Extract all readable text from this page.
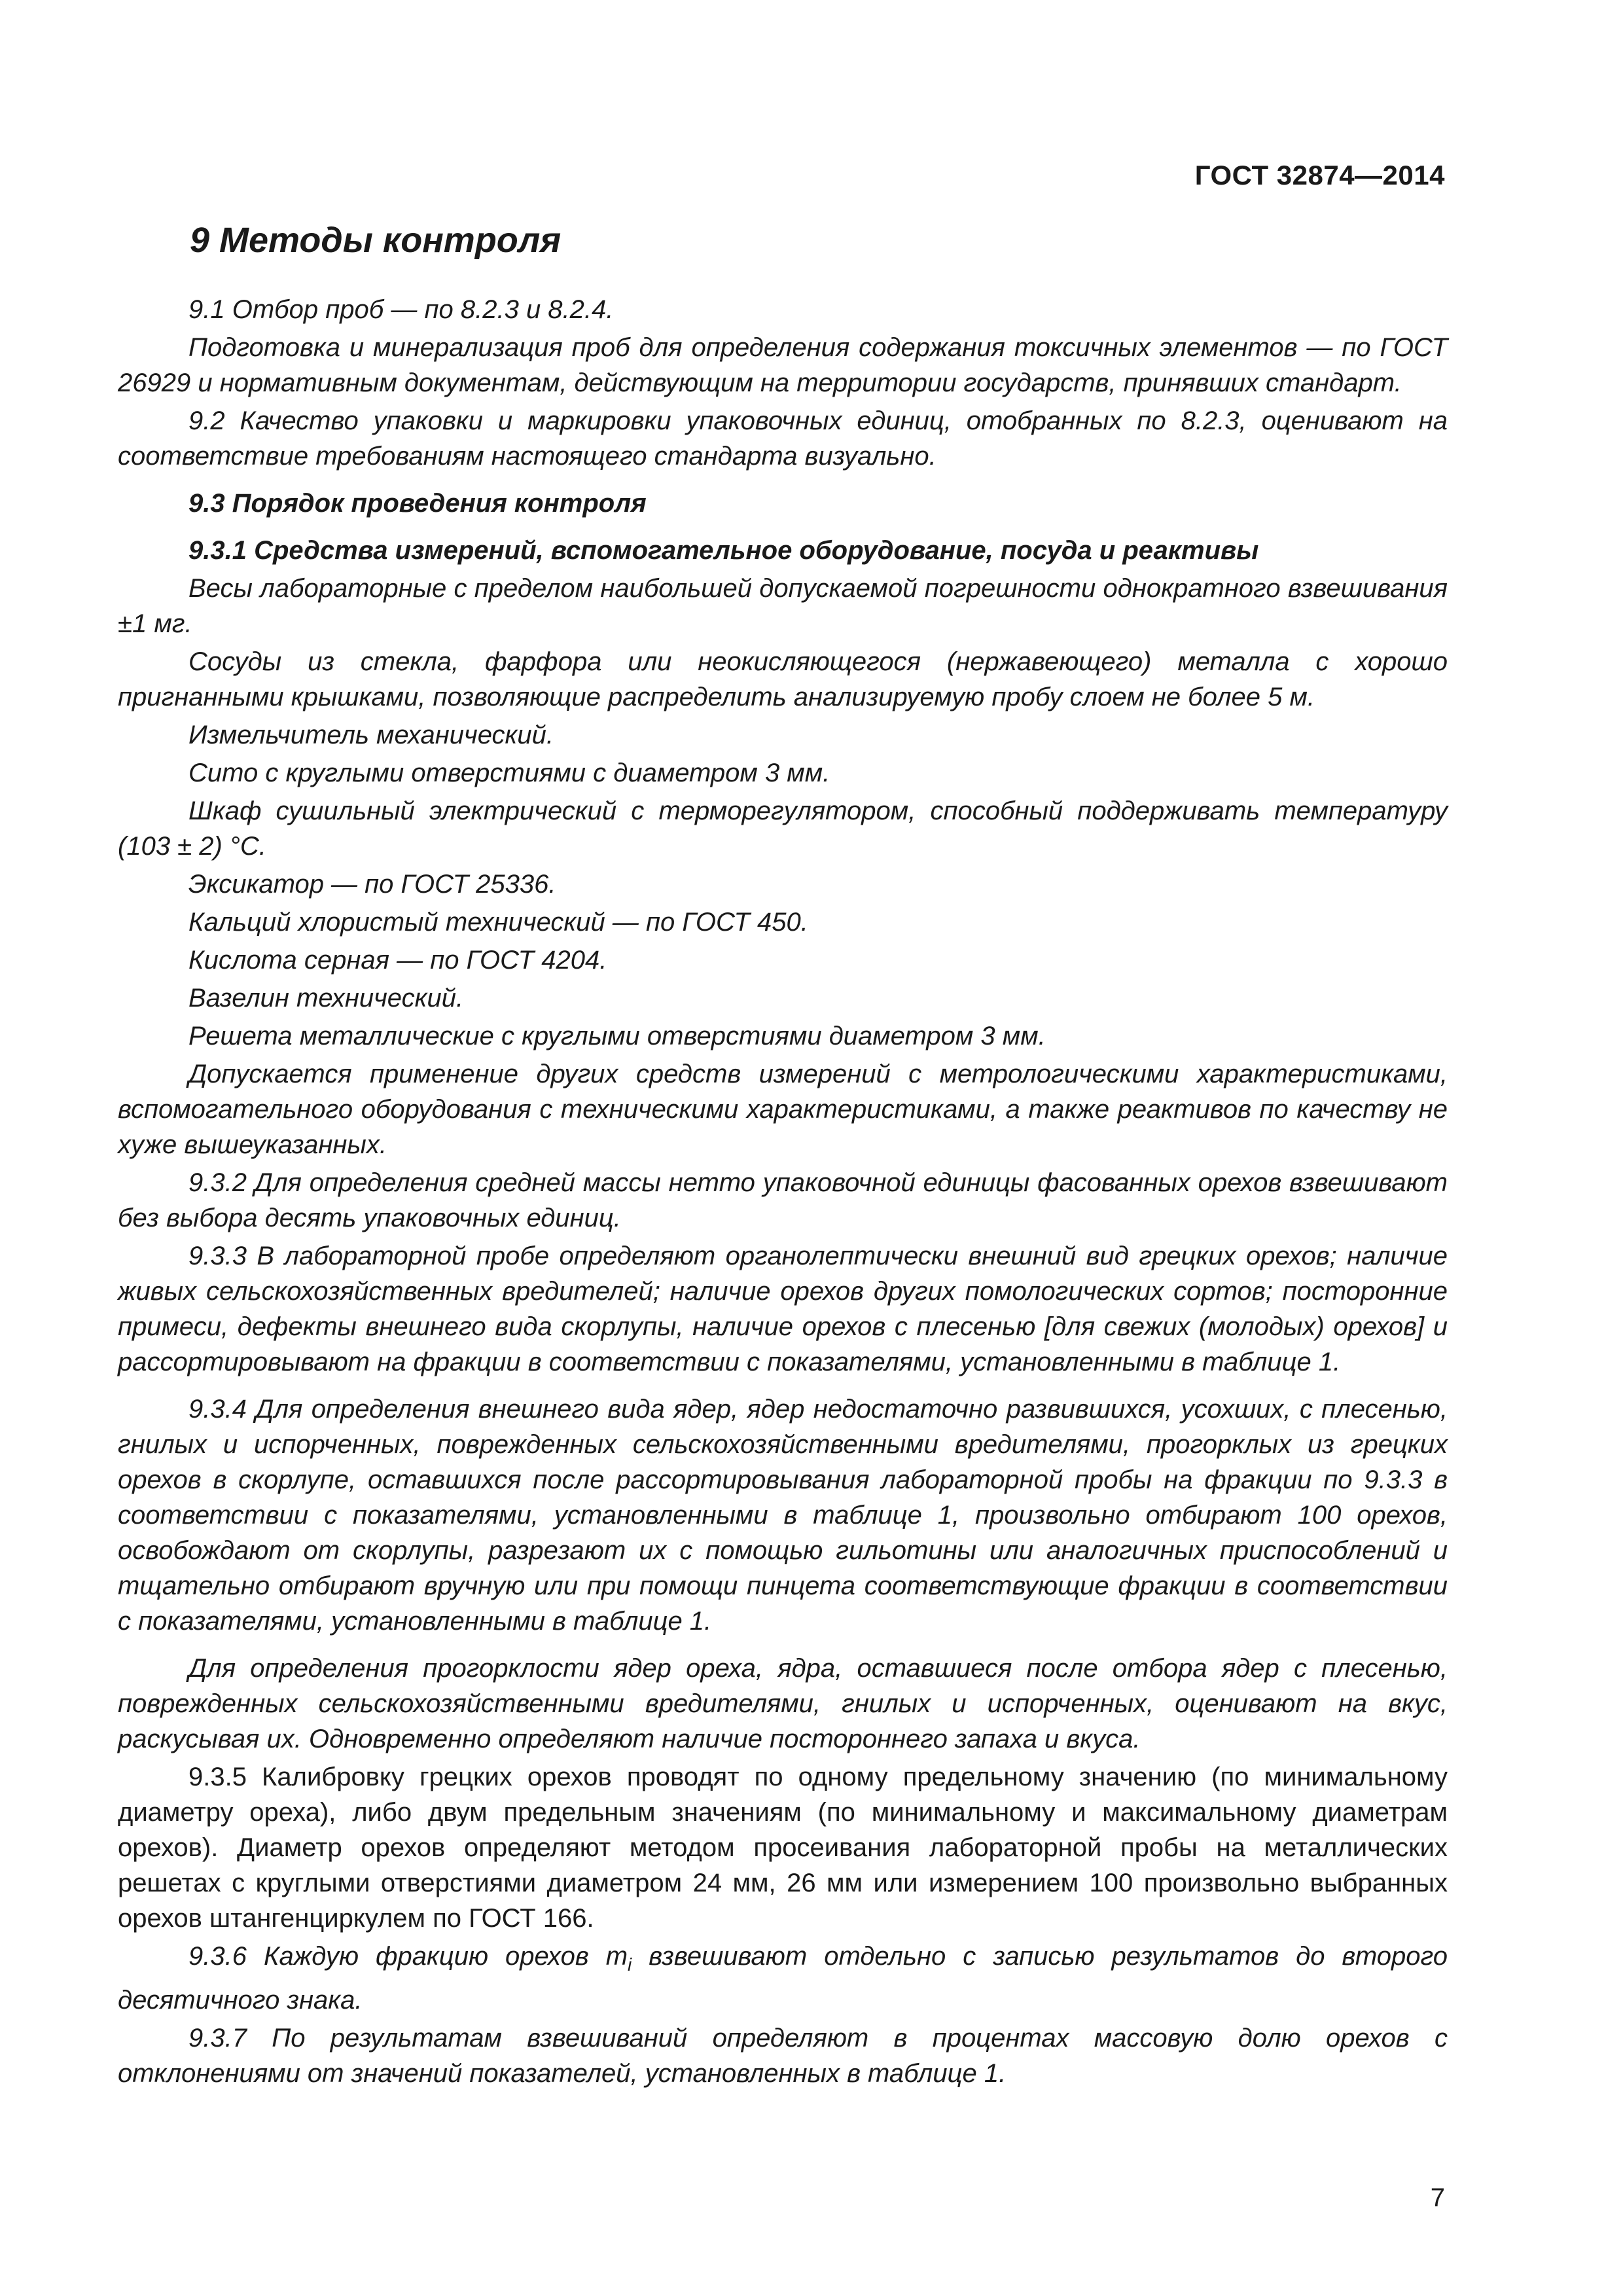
ГОСТ 32874—2014
9 Методы контроля

9.1 Отбор проб — по 8.2.3 и 8.2.4.

Подготовка и минерализация проб для определения содержания токсичных элементов — по ГОСТ 26929 и нормативным документам, действующим на территории государств, принявших стандарт.

9.2 Качество упаковки и маркировки упаковочных единиц, отобранных по 8.2.3, оценивают на соответствие требованиям настоящего стандарта визуально.

9.3 Порядок проведения контроля
9.3.1 Средства измерений, вспомогательное оборудование, посуда и реактивы

Весы лабораторные с пределом наибольшей допускаемой погрешности однократного взвешивания ±1 мг.

Сосуды из стекла, фарфора или неокисляющегося (нержавеющего) металла с хорошо пригнанными крышками, позволяющие распределить анализируемую пробу слоем не более 5 м.

Измельчитель механический.

Сито с круглыми отверстиями с диаметром 3 мм.

Шкаф сушильный электрический с терморегулятором, способный поддерживать температуру (103 ± 2) °С.

Эксикатор — по ГОСТ 25336.

Кальций хлористый технический — по ГОСТ 450.

Кислота серная — по ГОСТ 4204.

Вазелин технический.

Решета металлические с круглыми отверстиями диаметром 3 мм.

Допускается применение других средств измерений с метрологическими характеристиками, вспомогательного оборудования с техническими характеристиками, а также реактивов по качеству не хуже вышеуказанных.

9.3.2 Для определения средней массы нетто упаковочной единицы фасованных орехов взвешивают без выбора десять упаковочных единиц.

9.3.3 В лабораторной пробе определяют органолептически внешний вид грецких орехов; наличие живых сельскохозяйственных вредителей; наличие орехов других помологических сортов; посторонние примеси, дефекты внешнего вида скорлупы, наличие орехов с плесенью [для свежих (молодых) орехов] и рассортировывают на фракции в соответствии с показателями, установленными в таблице 1.

9.3.4 Для определения внешнего вида ядер, ядер недостаточно развившихся, усохших, с плесенью, гнилых и испорченных, поврежденных сельскохозяйственными вредителями, прогорклых из грецких орехов в скорлупе, оставшихся после рассортировывания лабораторной пробы на фракции по 9.3.3 в соответствии с показателями, установленными в таблице 1, произвольно отбирают 100 орехов, освобождают от скорлупы, разрезают их с помощью гильотины или аналогичных приспособлений и тщательно отбирают вручную или при помощи пинцета соответствующие фракции в соответствии с показателями, установленными в таблице 1.

Для определения прогорклости ядер ореха, ядра, оставшиеся после отбора ядер с плесенью, поврежденных сельскохозяйственными вредителями, гнилых и испорченных, оценивают на вкус, раскусывая их. Одновременно определяют наличие постороннего запаха и вкуса.

9.3.5 Калибровку грецких орехов проводят по одному предельному значению (по минимальному диаметру ореха), либо двум предельным значениям (по минимальному и максимальному диаметрам орехов). Диаметр орехов определяют методом просеивания лабораторной пробы на металлических решетах с круглыми отверстиями диаметром 24 мм, 26 мм или измерением 100 произвольно выбранных орехов штангенциркулем по ГОСТ 166.

9.3.6 Каждую фракцию орехов $m_i$ взвешивают отдельно с записью результатов до второго десятичного знака.

9.3.7 По результатам взвешиваний определяют в процентах массовую долю орехов с отклонениями от значений показателей, установленных в таблице 1.

7
